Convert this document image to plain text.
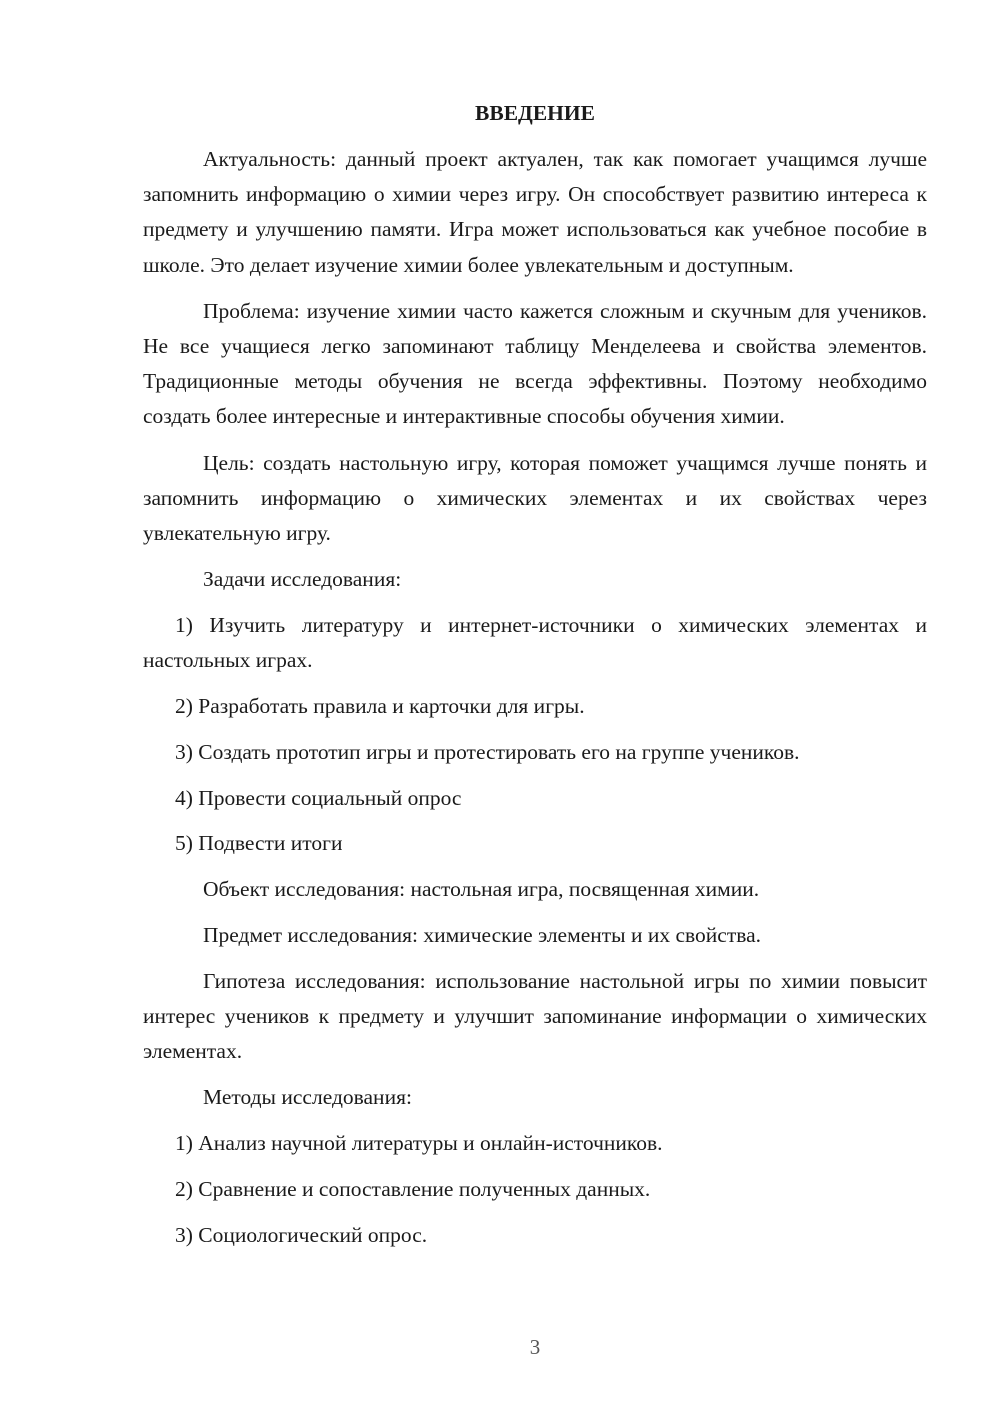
ВВЕДЕНИЕ

Актуальность: данный проект актуален, так как помогает учащимся лучше запомнить информацию о химии через игру. Он способствует развитию интереса к предмету и улучшению памяти. Игра может использоваться как учебное пособие в школе. Это делает изучение химии более увлекательным и доступным.

Проблема: изучение химии часто кажется сложным и скучным для учеников. Не все учащиеся легко запоминают таблицу Менделеева и свойства элементов. Традиционные методы обучения не всегда эффективны. Поэтому необходимо создать более интересные и интерактивные способы обучения химии.

Цель: создать настольную игру, которая поможет учащимся лучше понять и запомнить информацию о химических элементах и их свойствах через увлекательную игру.

Задачи исследования:

1) Изучить литературу и интернет-источники о химических элементах и настольных играх.

2) Разработать правила и карточки для игры.

3) Создать прототип игры и протестировать его на группе учеников.

4) Провести социальный опрос

5) Подвести итоги

Объект исследования: настольная игра, посвященная химии.

Предмет исследования: химические элементы и их свойства.

Гипотеза исследования: использование настольной игры по химии повысит интерес учеников к предмету и улучшит запоминание информации о химических элементах.

Методы исследования:

1) Анализ научной литературы и онлайн-источников.

2) Сравнение и сопоставление полученных данных.

3) Социологический опрос.

3
